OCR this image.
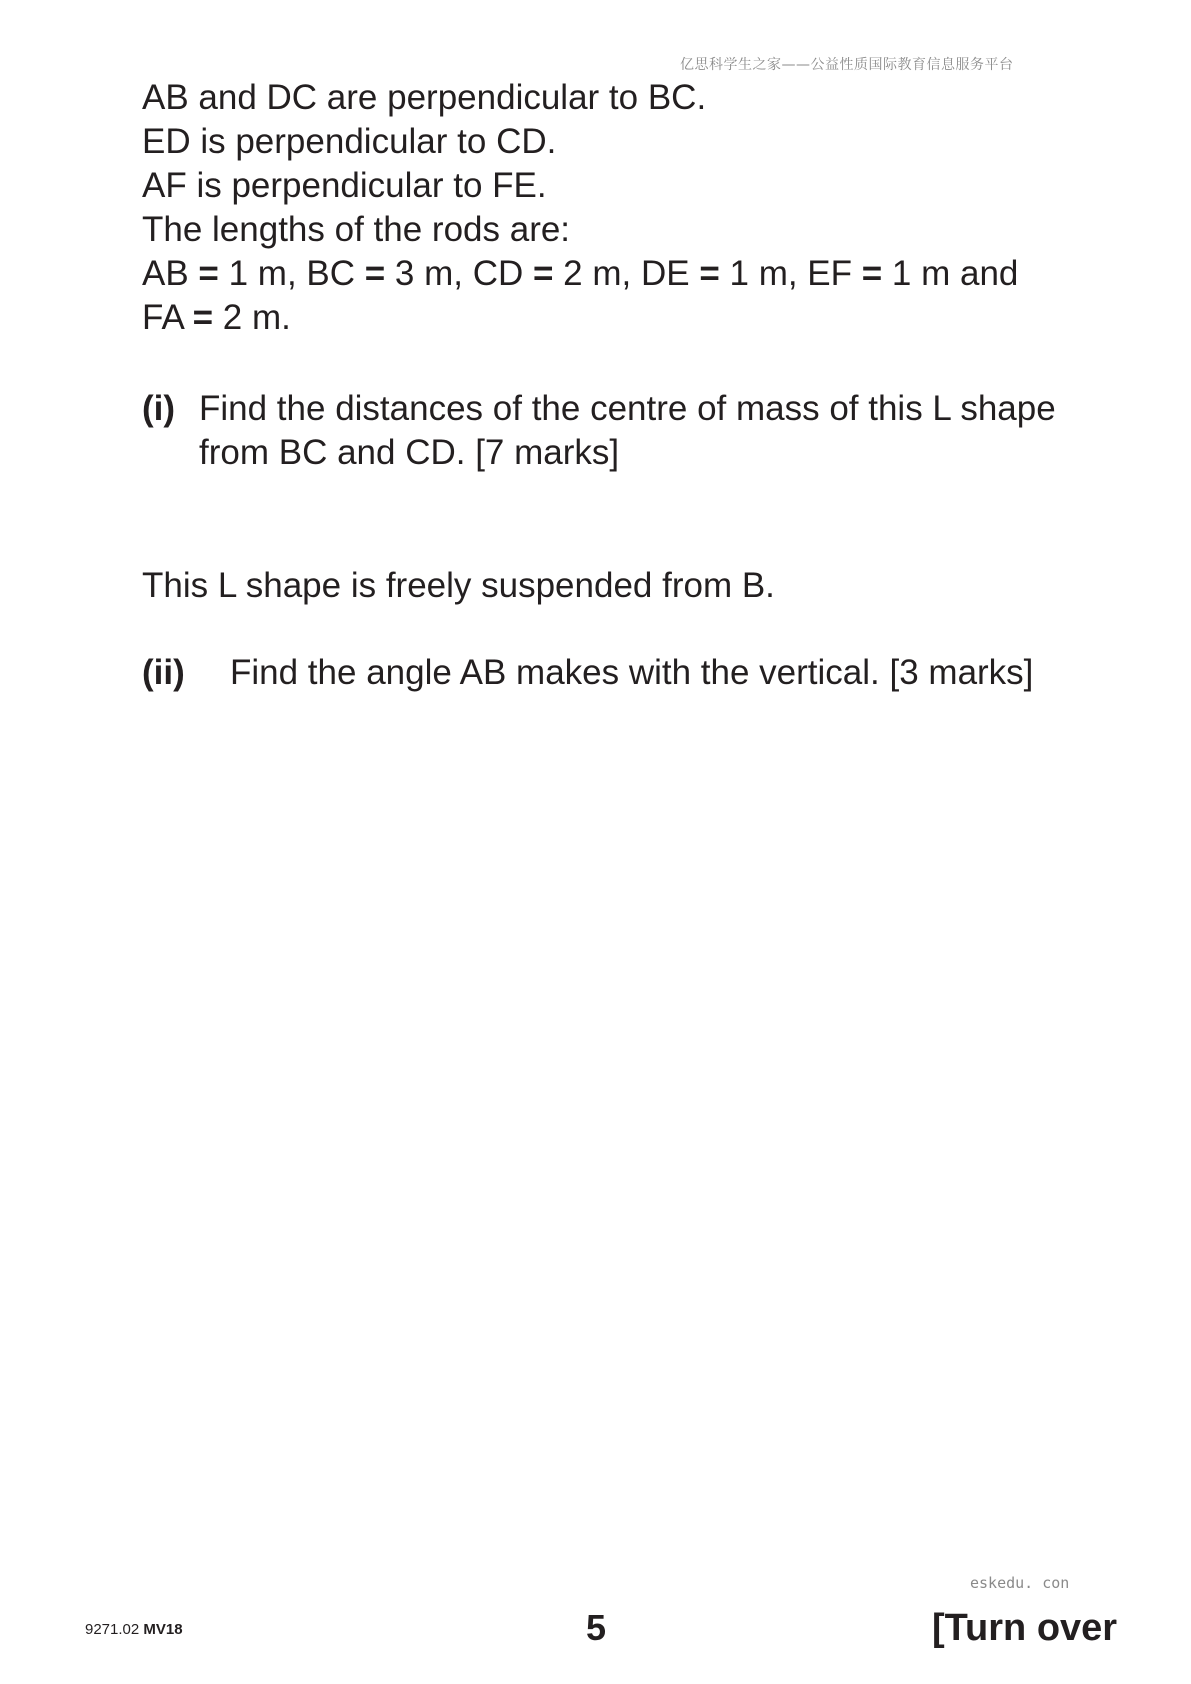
亿思科学生之家——公益性质国际教育信息服务平台
AB and DC are perpendicular to BC.
ED is perpendicular to CD.
AF is perpendicular to FE.
The lengths of the rods are:
AB = 1 m, BC = 3 m, CD = 2 m, DE = 1 m, EF = 1 m and
FA = 2 m.
(i) Find the distances of the centre of mass of this L shape
from BC and CD. [7 marks]
This L shape is freely suspended from B.
(ii) Find the angle AB makes with the vertical. [3 marks]
eskedu. con
9271.02 MV18	5	[Turn over
